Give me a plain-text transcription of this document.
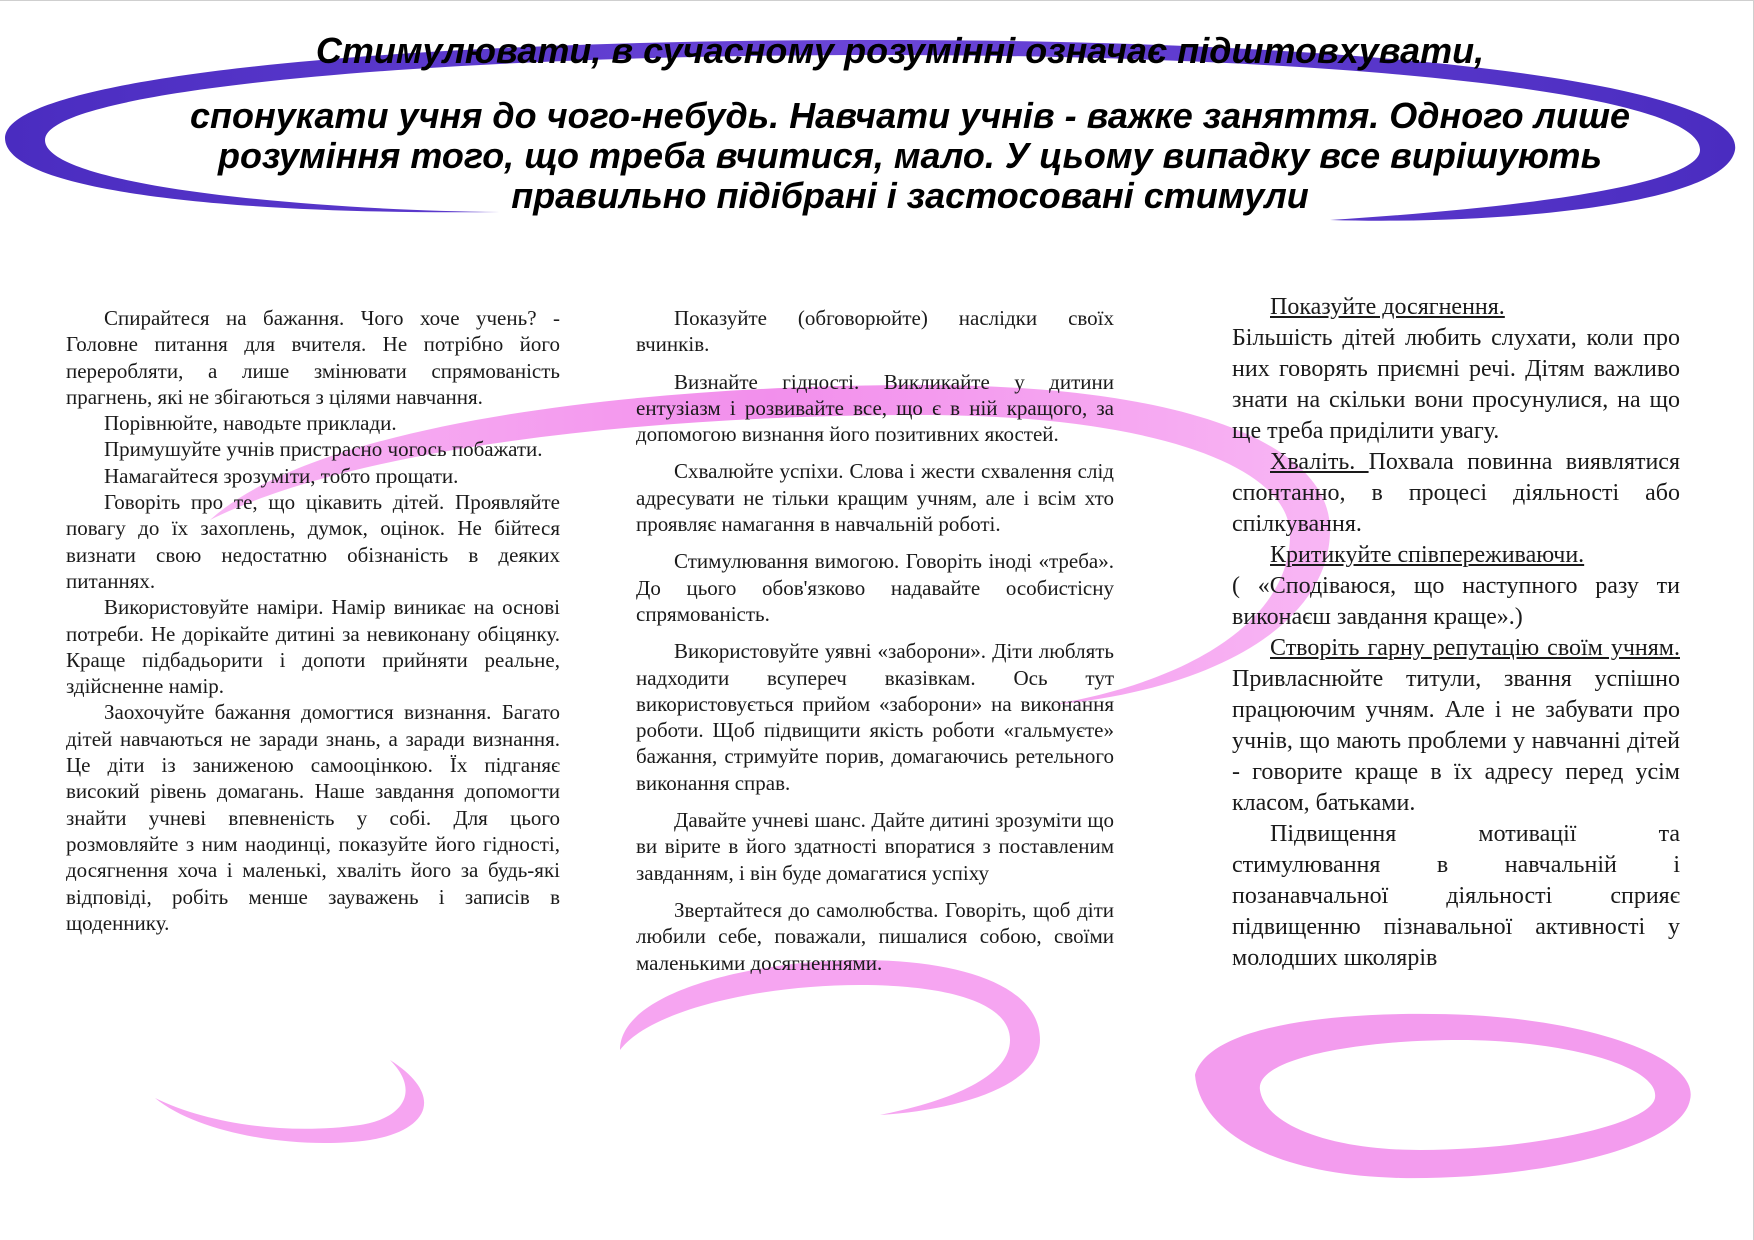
Стимулювати, в сучасному розумінні означає підштовхувати,

спонукати учня до чого-небудь. Навчати учнів - важке заняття. Одного лише
розуміння того, що треба вчитися, мало. У цьому випадку все вирішують
правильно підібрані і застосовані стимули

Спирайтеся на бажання. Чого хоче учень? - Головне питання для вчителя. Не потрібно його переробляти, а лише змінювати спрямованість прагнень, які не збігаються з цілями навчання.

Порівнюйте, наводьте приклади.

Примушуйте учнів пристрасно чогось побажати.

Намагайтеся зрозуміти, тобто прощати.

Говоріть про те, що цікавить дітей. Проявляйте повагу до їх захоплень, думок, оцінок. Не бійтеся визнати свою недостатню обізнаність в деяких питаннях.

Використовуйте наміри. Намір виникає на основі потреби. Не дорікайте дитині за невиконану обіцянку. Краще підбадьорити і допоти прийняти реальне, здійсненне намір.

Заохочуйте бажання домогтися визнання. Багато дітей навчаються не заради знань, а заради визнання. Це діти із заниженою самооцінкою. Їх підганяє високий рівень домагань. Наше завдання допомогти знайти учневі впевненість у собі. Для цього розмовляйте з ним наодинці, показуйте його гідності, досягнення хоча і маленькі, хваліть його за будь-які відповіді, робіть менше зауважень і записів в щоденнику.

Показуйте (обговорюйте) наслідки своїх вчинків.

Визнайте гідності. Викликайте у дитини ентузіазм і розвивайте все, що є в ній кращого, за допомогою визнання його позитивних якостей.

Схвалюйте успіхи. Слова і жести схвалення слід адресувати не тільки кращим учням, але і всім хто проявляє намагання в навчальній роботі.

Стимулювання вимогою. Говоріть іноді «треба». До цього обов'язково надавайте особистісну спрямованість.

Використовуйте уявні «заборони». Діти люблять надходити всупереч вказівкам. Ось тут використовується прийом «заборони» на виконання роботи. Щоб підвищити якість роботи «гальмуєте» бажання, стримуйте порив, домагаючись ретельного виконання справ.

Давайте учневі шанс. Дайте дитині зрозуміти що ви вірите в його здатності впоратися з поставленим завданням, і він буде домагатися успіху

Звертайтеся до самолюбства. Говоріть, щоб діти любили себе, поважали, пишалися собою, своїми маленькими досягненнями.

Показуйте досягнення.
Більшість дітей любить слухати, коли про них говорять приємні речі. Дітям важливо знати на скільки вони просунулися, на що ще треба приділити увагу.

Хваліть. Похвала повинна виявлятися спонтанно, в процесі діяльності або спілкування.

Критикуйте співпереживаючи.
( «Сподіваюся, що наступного разу ти виконаєш завдання краще».)

Створіть гарну репутацію своїм учням. Привласнюйте титули, звання успішно працюючим учням. Але і не забувати про учнів, що мають проблеми у навчанні дітей - говорите краще в їх адресу перед усім класом, батьками.

Підвищення мотивації та стимулювання в навчальній і позанавчальної діяльності сприяє підвищенню пізнавальної активності у молодших школярів
